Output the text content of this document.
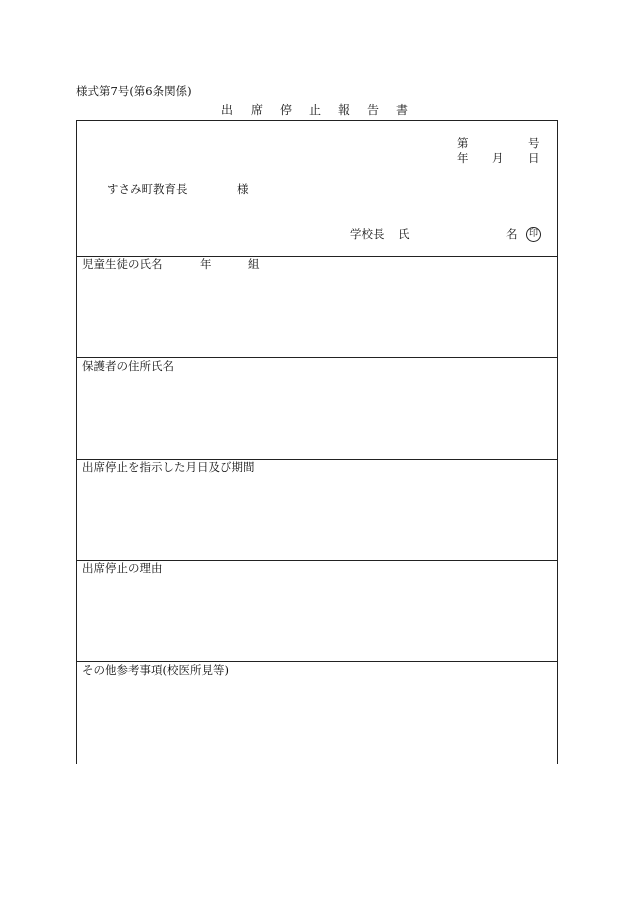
様式第7号(第6条関係)
出 席 停 止 報 告 書
第	号
年 月 日
すさみ町教育長	様
学校長 氏	名	印
児童生徒の氏名	年	組
保護者の住所氏名
出席停止を指示した月日及び期間
出席停止の理由
その他参考事項(校医所見等)
